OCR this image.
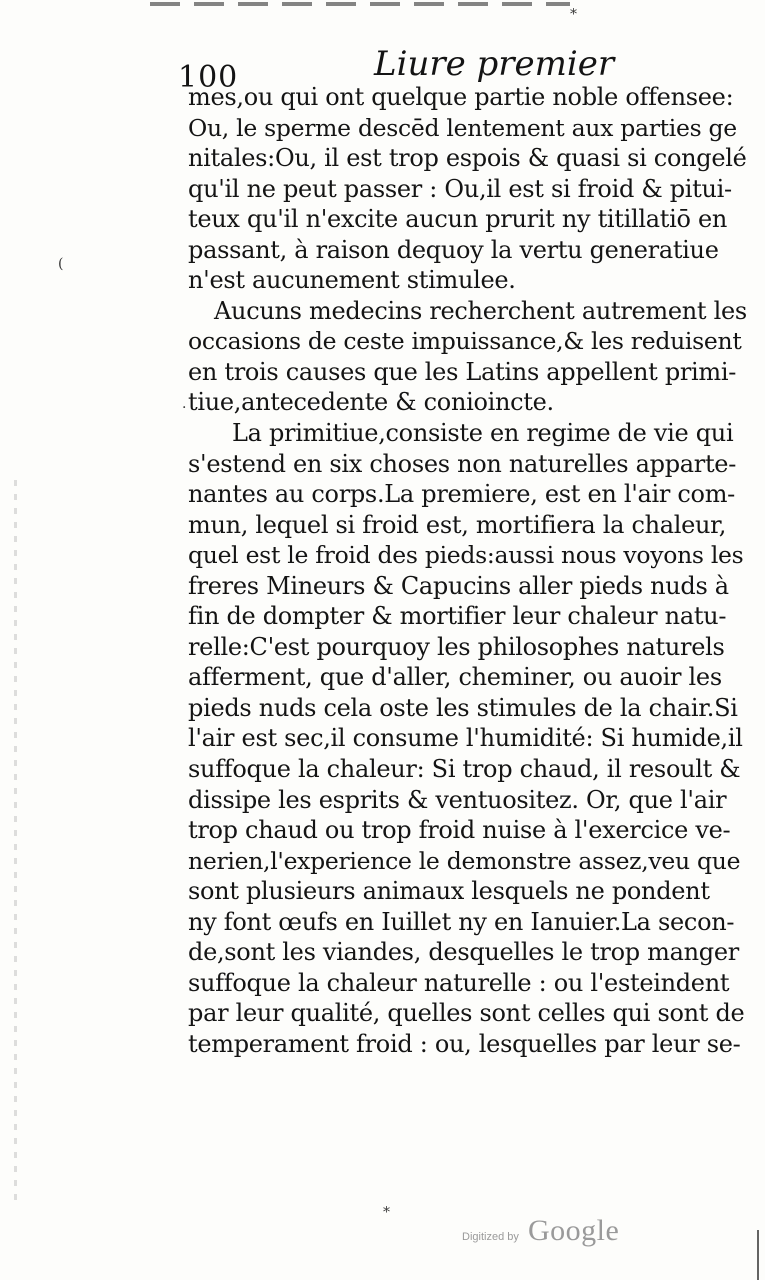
⁎
(
·
⁎
100	Liure premier
mes,ou qui ont quelque partie noble offensee:
Ou, le sperme descēd lentement aux parties ge
nitales:Ou, il est trop espois & quasi si congelé
qu'il ne peut passer : Ou,il est si froid & pitui-
teux qu'il n'excite aucun prurit ny titillatiō en
passant, à raison dequoy la vertu generatiue
n'est aucunement stimulee.
Aucuns medecins recherchent autrement les
occasions de ceste impuissance,& les reduisent
en trois causes que les Latins appellent primi-
tiue,antecedente & conioincte.
La primitiue,consiste en regime de vie qui
s'estend en six choses non naturelles apparte-
nantes au corps.La premiere, est en l'air com-
mun, lequel si froid est, mortifiera la chaleur,
quel est le froid des pieds:aussi nous voyons les
freres Mineurs & Capucins aller pieds nuds à
fin de dompter & mortifier leur chaleur natu-
relle:C'est pourquoy les philosophes naturels
afferment, que d'aller, cheminer, ou auoir les
pieds nuds cela oste les stimules de la chair.Si
l'air est sec,il consume l'humidité: Si humide,il
suffoque la chaleur: Si trop chaud, il resoult &
dissipe les esprits & ventuositez. Or, que l'air
trop chaud ou trop froid nuise à l'exercice ve-
nerien,l'experience le demonstre assez,veu que
sont plusieurs animaux lesquels ne pondent
ny font œufs en Iuillet ny en Ianuier.La secon-
de,sont les viandes, desquelles le trop manger
suffoque la chaleur naturelle : ou l'esteindent
par leur qualité, quelles sont celles qui sont de
temperament froid : ou, lesquelles par leur se-
Digitized by Google
